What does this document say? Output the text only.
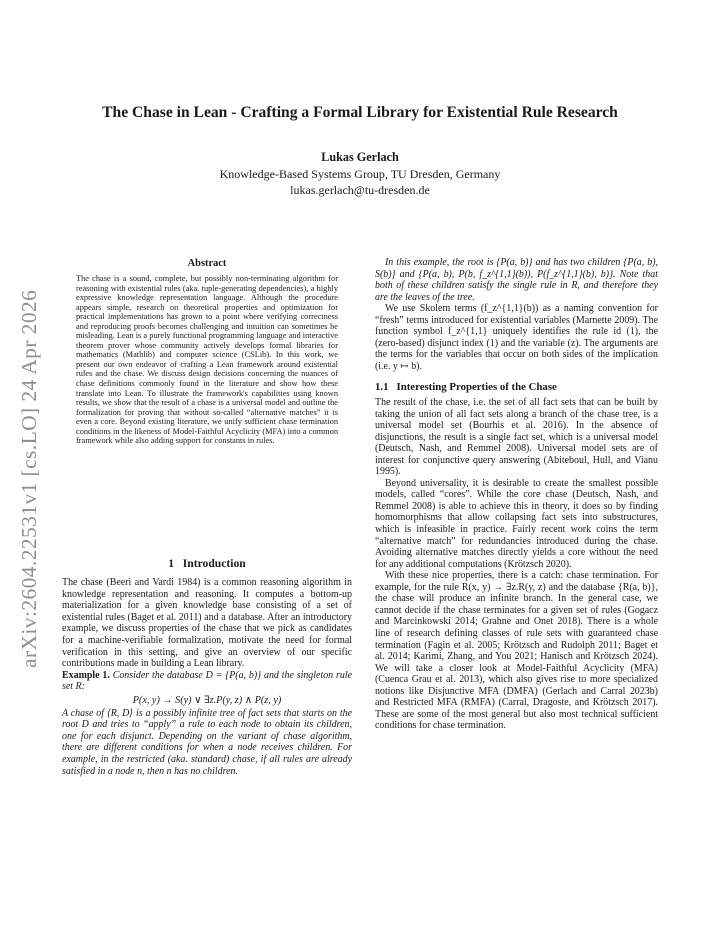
arXiv:2604.22531v1 [cs.LO] 24 Apr 2026
The Chase in Lean - Crafting a Formal Library for Existential Rule Research
Lukas Gerlach
Knowledge-Based Systems Group, TU Dresden, Germany
lukas.gerlach@tu-dresden.de
Abstract
The chase is a sound, complete, but possibly non-terminating algorithm for reasoning with existential rules (aka. tuple-generating dependencies), a highly expressive knowledge representation language. Although the procedure appears simple, research on theoretical properties and optimization for practical implementations has grown to a point where verifying correctness and reproducing proofs becomes challenging and intuition can sometimes be misleading. Lean is a purely functional programming language and interactive theorem prover whose community actively develops formal libraries for mathematics (Mathlib) and computer science (CSLib). In this work, we present our own endeavor of crafting a Lean framework around existential rules and the chase. We discuss design decisions concerning the nuances of chase definitions commonly found in the literature and show how these translate into Lean. To illustrate the framework's capabilities using known results, we show that the result of a chase is a universal model and outline the formalization for proving that without so-called “alternative matches” it is even a core. Beyond existing literature, we unify sufficient chase termination conditions in the likeness of Model-Faithful Acyclicity (MFA) into a common framework while also adding support for constants in rules.
1 Introduction

The chase (Beeri and Vardi 1984) is a common reasoning algorithm in knowledge representation and reasoning. It computes a bottom-up materialization for a given knowledge base consisting of a set of existential rules (Baget et al. 2011) and a database. After an introductory example, we discuss properties of the chase that we pick as candidates for a machine-verifiable formalization, motivate the need for formal verification in this setting, and give an overview of our specific contributions made in building a Lean library.

Example 1. Consider the database D = {P(a, b)} and the singleton rule set R:

P(x, y) → S(y) ∨ ∃z.P(y, z) ∧ P(z, y)

A chase of ⟨R, D⟩ is a possibly infinite tree of fact sets that starts on the root D and tries to “apply” a rule to each node to obtain its children, one for each disjunct. Depending on the variant of chase algorithm, there are different conditions for when a node receives children. For example, in the restricted (aka. standard) chase, if all rules are already satisfied in a node n, then n has no children.

In this example, the root is {P(a, b)} and has two children {P(a, b), S(b)} and {P(a, b), P(b, f_z^{1,1}(b)), P(f_z^{1,1}(b), b)}. Note that both of these children satisfy the single rule in R, and therefore they are the leaves of the tree.

We use Skolem terms (f_z^{1,1}(b)) as a naming convention for “fresh” terms introduced for existential variables (Marnette 2009). The function symbol f_z^{1,1} uniquely identifies the rule id (1), the (zero-based) disjunct index (1) and the variable (z). The arguments are the terms for the variables that occur on both sides of the implication (i.e. y ↦ b).

1.1 Interesting Properties of the Chase

The result of the chase, i.e. the set of all fact sets that can be built by taking the union of all fact sets along a branch of the chase tree, is a universal model set (Bourhis et al. 2016). In the absence of disjunctions, the result is a single fact set, which is a universal model (Deutsch, Nash, and Remmel 2008). Universal model sets are of interest for conjunctive query answering (Abiteboul, Hull, and Vianu 1995).

Beyond universality, it is desirable to create the smallest possible models, called “cores”. While the core chase (Deutsch, Nash, and Remmel 2008) is able to achieve this in theory, it does so by finding homomorphisms that allow collapsing fact sets into substructures, which is infeasible in practice. Fairly recent work coins the term “alternative match” for redundancies introduced during the chase. Avoiding alternative matches directly yields a core without the need for any additional computations (Krötzsch 2020).

With these nice properties, there is a catch: chase termination. For example, for the rule R(x, y) → ∃z.R(y, z) and the database {R(a, b)}, the chase will produce an infinite branch. In the general case, we cannot decide if the chase terminates for a given set of rules (Gogacz and Marcinkowski 2014; Grahne and Onet 2018). There is a whole line of research defining classes of rule sets with guaranteed chase termination (Fagin et al. 2005; Krötzsch and Rudolph 2011; Baget et al. 2014; Karimi, Zhang, and You 2021; Hanisch and Krötzsch 2024). We will take a closer look at Model-Faithful Acyclicity (MFA) (Cuenca Grau et al. 2013), which also gives rise to more specialized notions like Disjunctive MFA (DMFA) (Gerlach and Carral 2023b) and Restricted MFA (RMFA) (Carral, Dragoste, and Krötzsch 2017). These are some of the most general but also most technical sufficient conditions for chase termination.
